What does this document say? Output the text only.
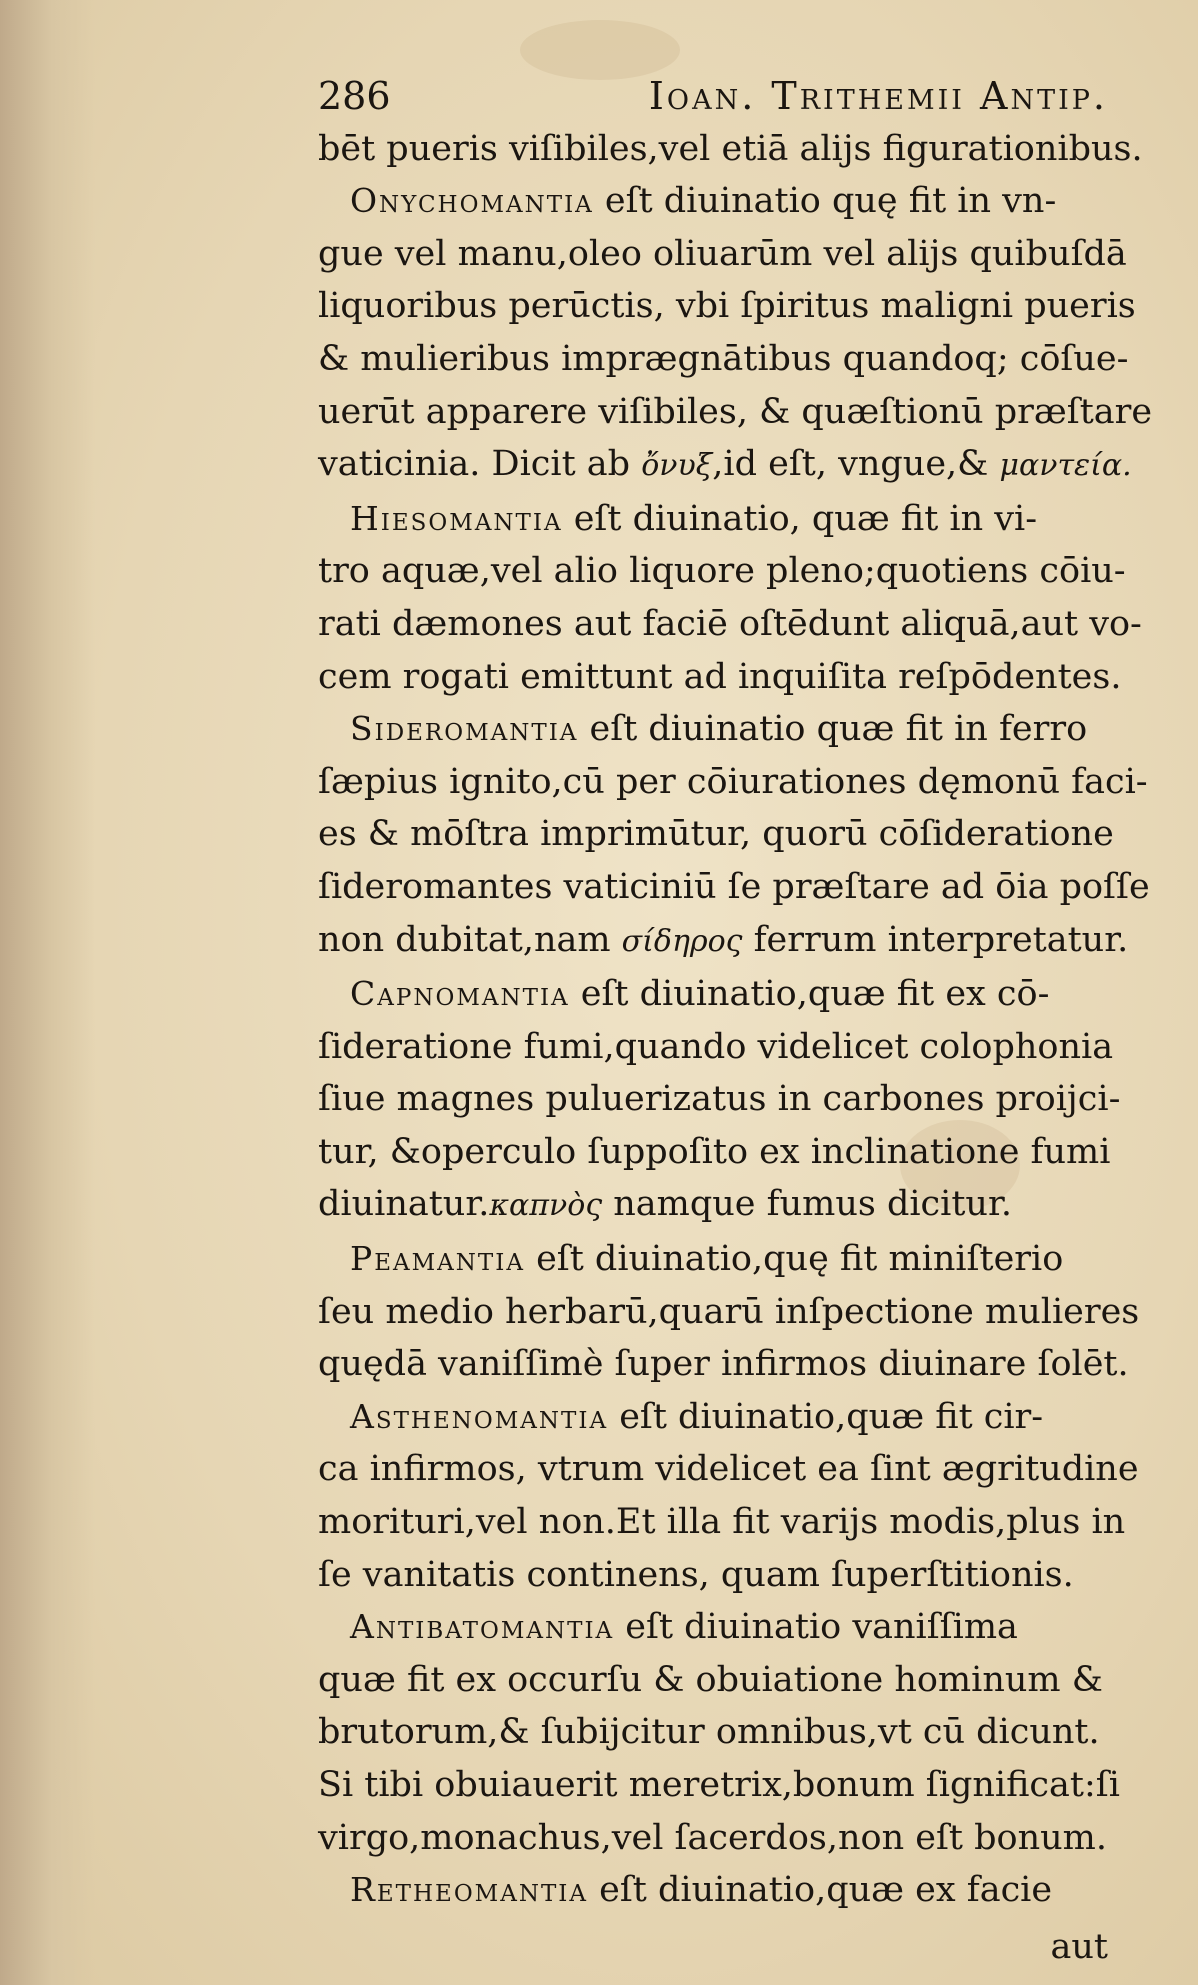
286	Ioan. Trithemii Antip.
bēt pueris viſibiles,vel etiā alijs figurationibus.
Onychomantia eſt diuinatio quę fit in vn-
gue vel manu,oleo oliuarūm vel alijs quibuſdā
liquoribus perūctis, vbi ſpiritus maligni pueris
& mulieribus imprægnātibus quandoq; cōſue-
uerūt apparere viſibiles, & quæſtionū præſtare
vaticinia. Dicit ab ὄνυξ,id eſt, vngue,& μαντεία.
Hiesomantia eſt diuinatio, quæ fit in vi-
tro aquæ,vel alio liquore pleno;quotiens cōiu-
rati dæmones aut faciē oſtēdunt aliquā,aut vo-
cem rogati emittunt ad inquiſita reſpōdentes.
Sideromantia eſt diuinatio quæ fit in ferro
ſæpius ignito,cū per cōiurationes dęmonū faci-
es & mōſtra imprimūtur, quorū cōſideratione
ſideromantes vaticiniū ſe præſtare ad ōia poſſe
non dubitat,nam σίδηρος ferrum interpretatur.
Capnomantia eſt diuinatio,quæ fit ex cō-
ſideratione fumi,quando videlicet colophonia
ſiue magnes puluerizatus in carbones proijci-
tur, &operculo ſuppoſito ex inclinatione fumi
diuinatur.καπνὸς namque fumus dicitur.
Peamantia eſt diuinatio,quę fit miniſterio
ſeu medio herbarū,quarū inſpectione mulieres
quędā vaniſſimè ſuper infirmos diuinare ſolēt.
Asthenomantia eſt diuinatio,quæ fit cir-
ca infirmos, vtrum videlicet ea ſint ægritudine
morituri,vel non.Et illa fit varijs modis,plus in
ſe vanitatis continens, quam ſuperſtitionis.
Antibatomantia eſt diuinatio vaniſſima
quæ fit ex occurſu & obuiatione hominum &
brutorum,& ſubijcitur omnibus,vt cū dicunt.
Si tibi obuiauerit meretrix,bonum ſignificat:ſi
virgo,monachus,vel ſacerdos,non eſt bonum.
Retheomantia eſt diuinatio,quæ ex facie
aut
